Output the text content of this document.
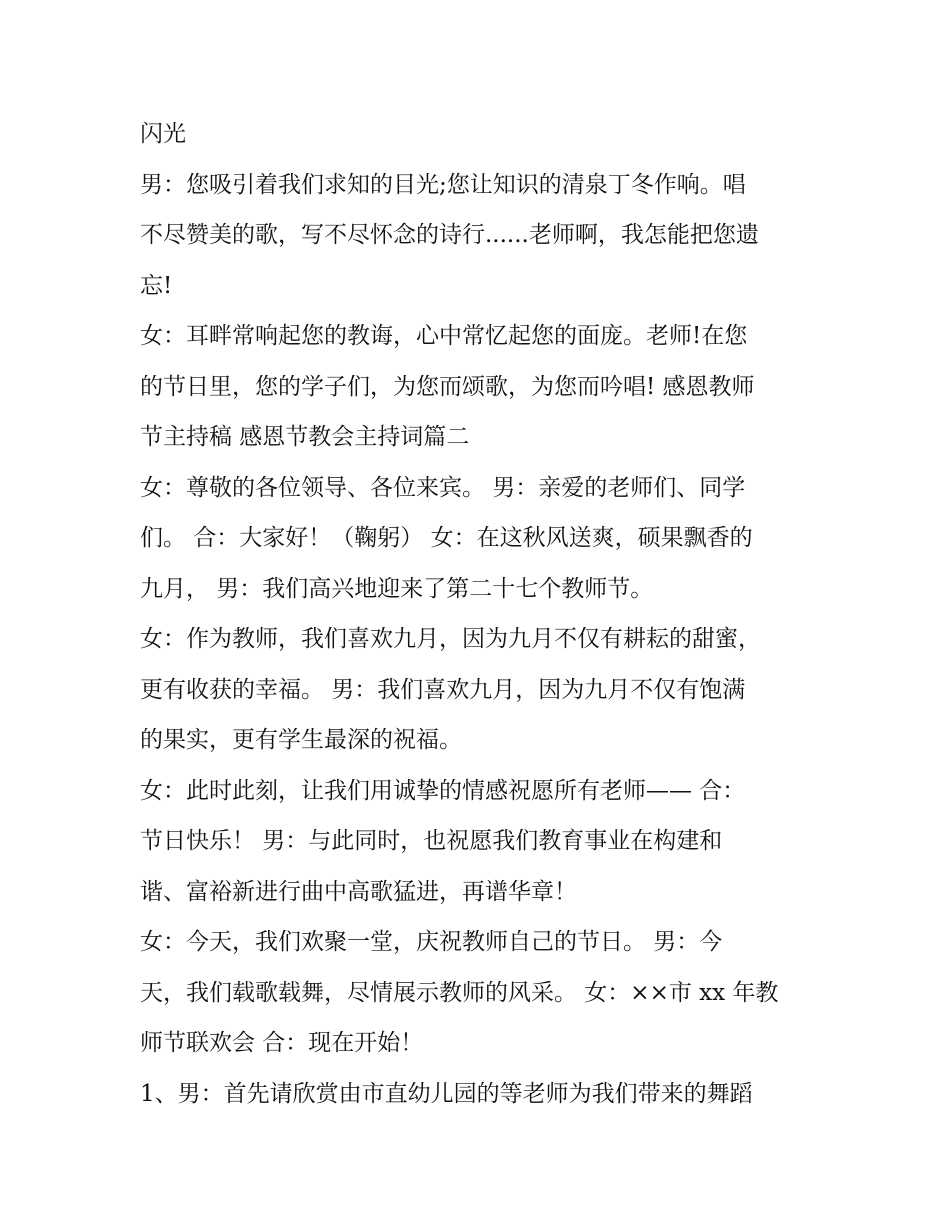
闪光
男：您吸引着我们求知的目光;您让知识的清泉丁冬作响。唱
不尽赞美的歌，写不尽怀念的诗行......老师啊，我怎能把您遗
忘!
女：耳畔常响起您的教诲，心中常忆起您的面庞。老师!在您
的节日里，您的学子们，为您而颂歌，为您而吟唱! 感恩教师
节主持稿 感恩节教会主持词篇二
女：尊敬的各位领导、各位来宾。 男：亲爱的老师们、同学
们。 合：大家好！（鞠躬） 女：在这秋风送爽，硕果飘香的
九月， 男：我们高兴地迎来了第二十七个教师节。
女：作为教师，我们喜欢九月，因为九月不仅有耕耘的甜蜜，
更有收获的幸福。 男：我们喜欢九月，因为九月不仅有饱满
的果实，更有学生最深的祝福。
女：此时此刻，让我们用诚挚的情感祝愿所有老师—— 合：
节日快乐！ 男：与此同时，也祝愿我们教育事业在构建和
谐、富裕新进行曲中高歌猛进，再谱华章！
女：今天，我们欢聚一堂，庆祝教师自己的节日。 男：今
天，我们载歌载舞，尽情展示教师的风采。 女：××市 xx 年教
师节联欢会 合：现在开始！
1、男：首先请欣赏由市直幼儿园的等老师为我们带来的舞蹈
